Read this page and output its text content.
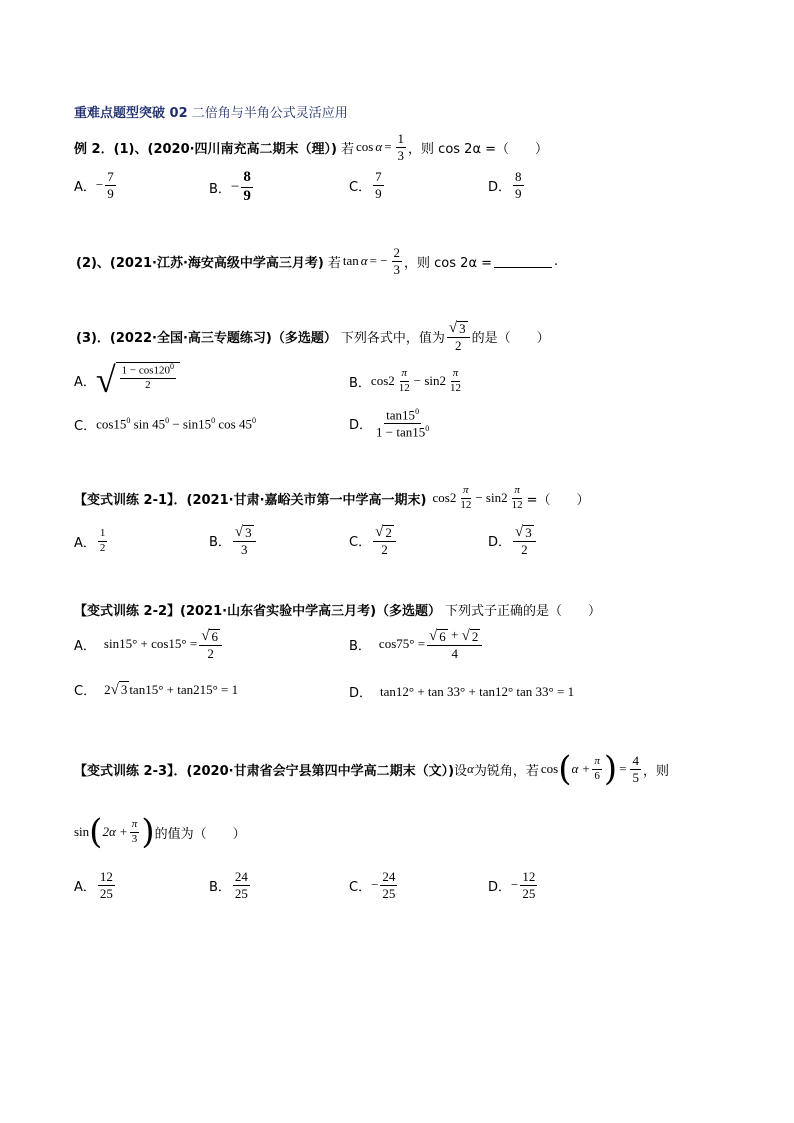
重难点题型突破 02 二倍角与半角公式灵活应用
例 2．(1)、(2020·四川南充高二期末（理）) 若 $\cos \alpha = \frac{1}{3}$ ，则 cos 2α =（　　）
A． − $\frac{7}{9}$	B． − $\frac{8}{9}$	C． $\frac{7}{9}$	D． $\frac{8}{9}$
(2)、(2021·江苏·海安高级中学高三月考) 若 tan α = − $\frac{2}{3}$ ，则 cos 2α =	.
(3)．(2022·全国·高三专题练习)（多选题） 下列各式中，值为 $\frac{√ 3}{2}$ 的是（　　）
A． √ $\frac{1 - \cos 120^0}{2}$	B． $\cos 2 \frac{\pi}{12} - \sin 2 \frac{\pi}{12}$
C． $\cos 15^0$ $\sin 45^0 - \sin 15^0$ $\cos 45^0$	D． $\frac{\tan 15^0}{1 - \tan 15^0}$
【变式训练 2-1】．(2021·甘肃·嘉峪关市第一中学高一期末) $\cos 2 \frac{\pi}{12} - \sin 2 \frac{\pi}{12}$ =（　　）
A． $\frac{1}{2}$	B． $\frac{√ 3}{3}$	C． $\frac{√ 2}{2}$	D． $\frac{√ 3}{2}$
【变式训练 2-2】(2021·山东省实验中学高三月考)（多选题） 下列式子正确的是（　　）
A． $\sin 15^\circ + \cos 15^\circ = \frac{√ 6}{2}$	B． $\cos 75^\circ = \frac{√ 6 + √ 2}{4}$
C． 2 √ 3 tan15° + tan 2 15° = 1	D． tan12° + tan 33° + tan12° tan 33° = 1
【变式训练 2-3】．(2020·甘肃省会宁县第四中学高二期末（文）) 设 α 为锐角，若 cos ( $\alpha + \frac{\pi}{6}$ ) = $\frac{4}{5}$ ，则
sin ( $2\alpha + \frac{\pi}{3}$ ) 的值为（　　）
A． $\frac{12}{25}$	B． $\frac{24}{25}$	C． − $\frac{24}{25}$	D． − $\frac{12}{25}$
